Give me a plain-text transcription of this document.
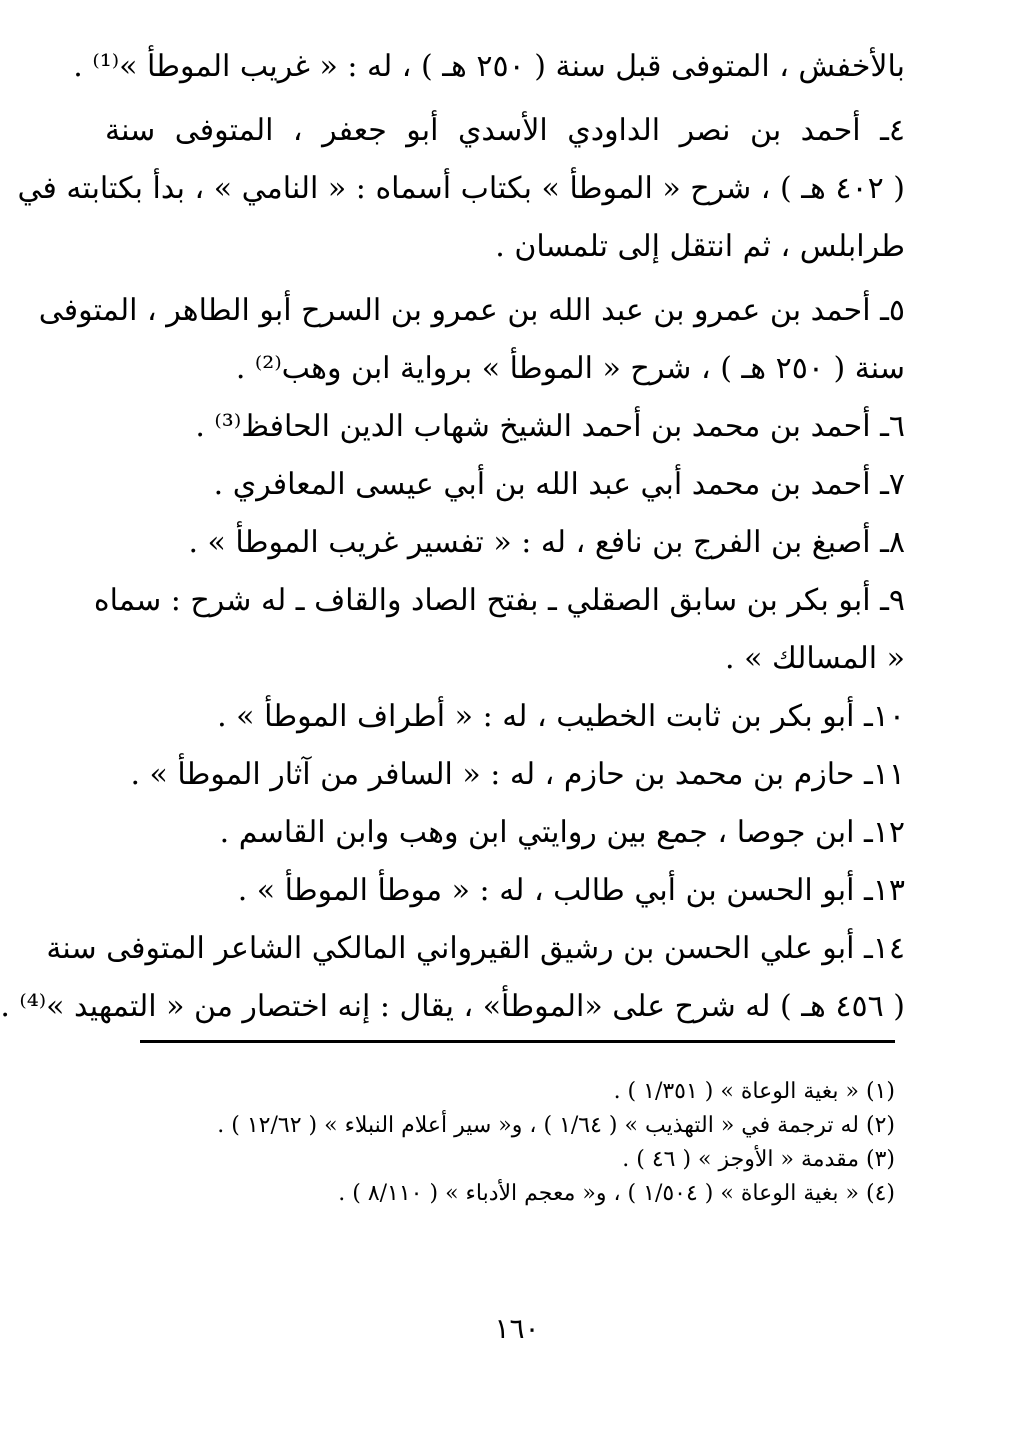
بالأخفش ، المتوفى قبل سنة ( ٢٥٠ هـ ) ، له : « غريب الموطأ »⁽¹⁾ .
٤ـ أحمد بن نصر الداودي الأسدي أبو جعفر ، المتوفى سنة
( ٤٠٢ هـ ) ، شرح « الموطأ » بكتاب أسماه : « النامي » ، بدأ بكتابته في
طرابلس ، ثم انتقل إلى تلمسان .
٥ـ أحمد بن عمرو بن عبد الله بن عمرو بن السرح أبو الطاهر ، المتوفى
سنة ( ٢٥٠ هـ ) ، شرح « الموطأ » برواية ابن وهب⁽²⁾ .
٦ـ أحمد بن محمد بن أحمد الشيخ شهاب الدين الحافظ⁽³⁾ .
٧ـ أحمد بن محمد أبي عبد الله بن أبي عيسى المعافري .
٨ـ أصبغ بن الفرج بن نافع ، له : « تفسير غريب الموطأ » .
٩ـ أبو بكر بن سابق الصقلي ـ بفتح الصاد والقاف ـ له شرح : سماه
« المسالك » .
١٠ـ أبو بكر بن ثابت الخطيب ، له : « أطراف الموطأ » .
١١ـ حازم بن محمد بن حازم ، له : « السافر من آثار الموطأ » .
١٢ـ ابن جوصا ، جمع بين روايتي ابن وهب وابن القاسم .
١٣ـ أبو الحسن بن أبي طالب ، له : « موطأ الموطأ » .
١٤ـ أبو علي الحسن بن رشيق القيرواني المالكي الشاعر المتوفى سنة
( ٤٥٦ هـ ) له شرح على «الموطأ» ، يقال : إنه اختصار من « التمهيد »⁽⁴⁾ .
(١) « بغية الوعاة » ( ١/٣٥١ ) .
(٢) له ترجمة في « التهذيب » ( ١/٦٤ ) ، و« سير أعلام النبلاء » ( ١٢/٦٢ ) .
(٣) مقدمة « الأوجز » ( ٤٦ ) .
(٤) « بغية الوعاة » ( ١/٥٠٤ ) ، و« معجم الأدباء » ( ٨/١١٠ ) .
١٦٠
